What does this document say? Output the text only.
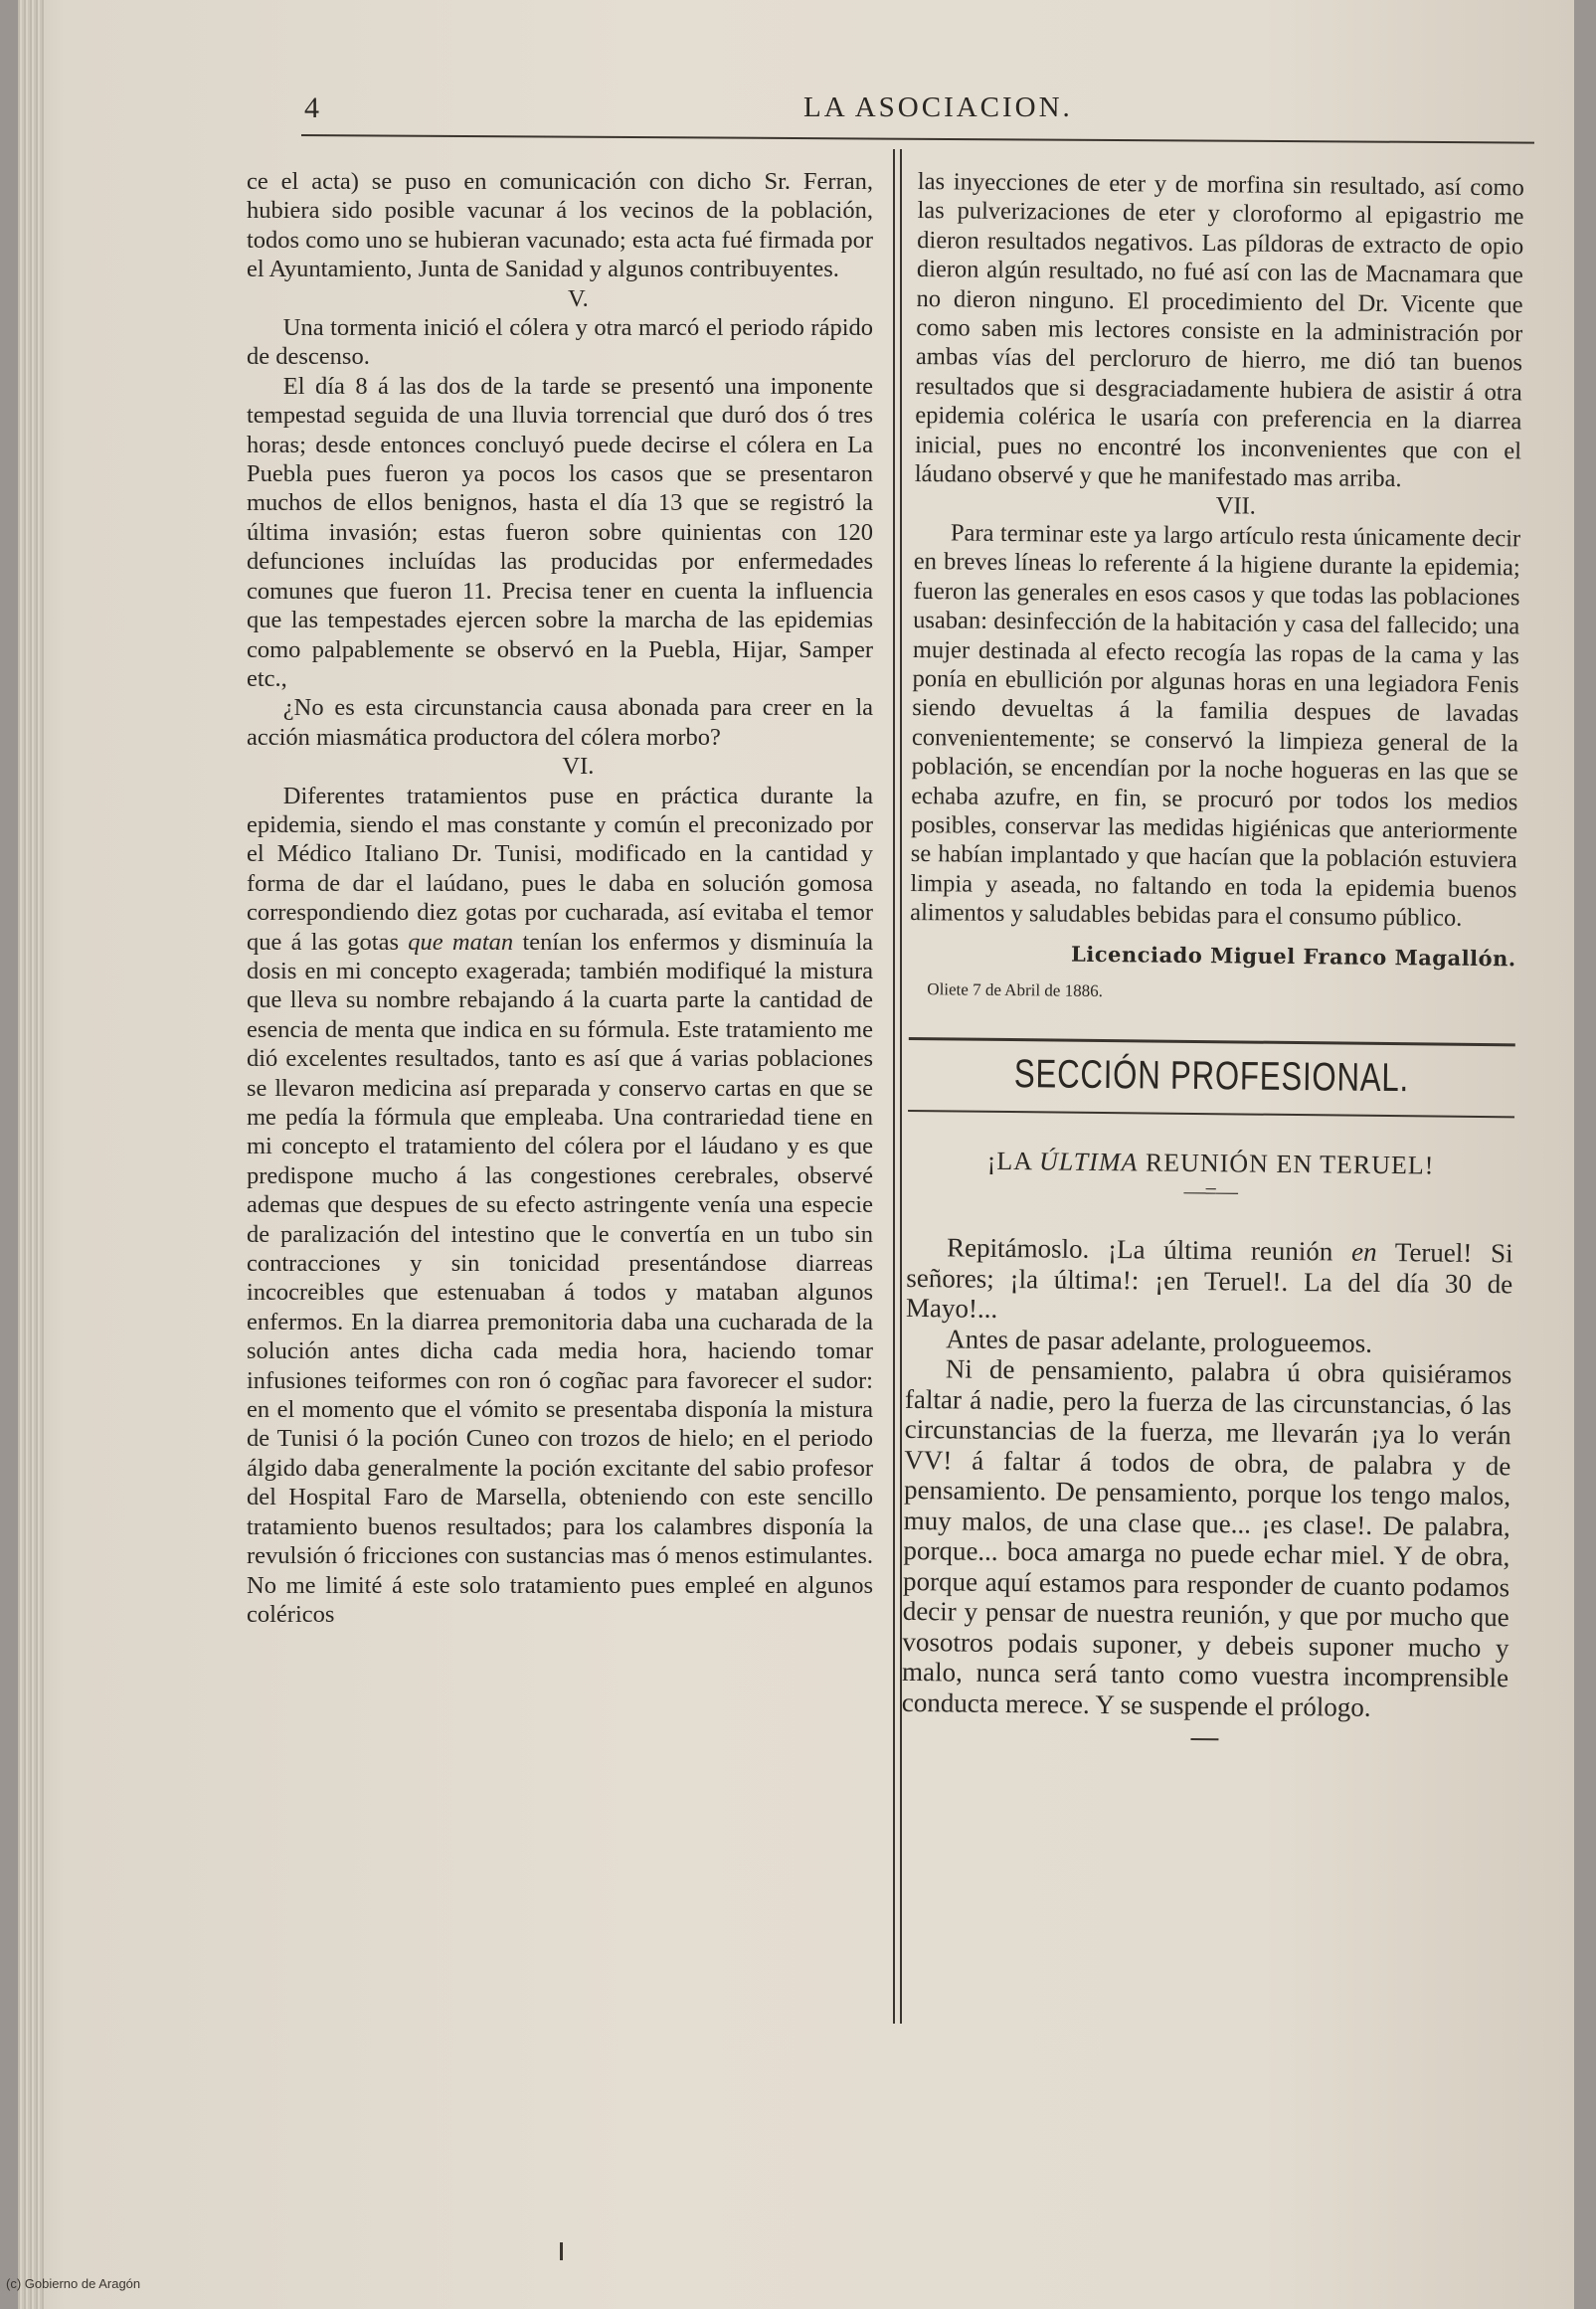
4	LA ASOCIACION.

ce el acta) se puso en comunicación con dicho Sr. Ferran, hubiera sido posible vacunar á los vecinos de la población, todos como uno se hubieran vacunado; esta acta fué firmada por el Ayuntamiento, Junta de Sanidad y algunos contribuyentes.

V.

Una tormenta inició el cólera y otra marcó el periodo rápido de descenso.

El día 8 á las dos de la tarde se presentó una imponente tempestad seguida de una lluvia torrencial que duró dos ó tres horas; desde entonces concluyó puede decirse el cólera en La Puebla pues fueron ya pocos los casos que se presentaron muchos de ellos benignos, hasta el día 13 que se registró la última invasión; estas fueron sobre quinientas con 120 defunciones incluídas las producidas por enfermedades comunes que fueron 11. Precisa tener en cuenta la influencia que las tempestades ejercen sobre la marcha de las epidemias como palpablemente se observó en la Puebla, Hijar, Samper etc.,

¿No es esta circunstancia causa abonada para creer en la acción miasmática productora del cólera morbo?

VI.

Diferentes tratamientos puse en práctica durante la epidemia, siendo el mas constante y común el preconizado por el Médico Italiano Dr. Tunisi, modificado en la cantidad y forma de dar el laúdano, pues le daba en solución gomosa correspondiendo diez gotas por cucharada, así evitaba el temor que á las gotas que matan tenían los enfermos y disminuía la dosis en mi concepto exagerada; también modifiqué la mistura que lleva su nombre rebajando á la cuarta parte la cantidad de esencia de menta que indica en su fórmula. Este tratamiento me dió excelentes resultados, tanto es así que á varias poblaciones se llevaron medicina así preparada y conservo cartas en que se me pedía la fórmula que empleaba. Una contrariedad tiene en mi concepto el tratamiento del cólera por el láudano y es que predispone mucho á las congestiones cerebrales, observé ademas que despues de su efecto astringente venía una especie de paralización del intestino que le convertía en un tubo sin contracciones y sin tonicidad presentándose diarreas incocreibles que estenuaban á todos y mataban algunos enfermos. En la diarrea premonitoria daba una cucharada de la solución antes dicha cada media hora, haciendo tomar infusiones teiformes con ron ó cogñac para favorecer el sudor: en el momento que el vómito se presentaba disponía la mistura de Tunisi ó la poción Cuneo con trozos de hielo; en el periodo álgido daba generalmente la poción excitante del sabio profesor del Hospital Faro de Marsella, obteniendo con este sencillo tratamiento buenos resultados; para los calambres disponía la revulsión ó fricciones con sustancias mas ó menos estimulantes. No me limité á este solo tratamiento pues empleé en algunos coléricos

las inyecciones de eter y de morfina sin resultado, así como las pulverizaciones de eter y cloroformo al epigastrio me dieron resultados negativos. Las píldoras de extracto de opio dieron algún resultado, no fué así con las de Macnamara que no dieron ninguno. El procedimiento del Dr. Vicente que como saben mis lectores consiste en la administración por ambas vías del percloruro de hierro, me dió tan buenos resultados que si desgraciadamente hubiera de asistir á otra epidemia colérica le usaría con preferencia en la diarrea inicial, pues no encontré los inconvenientes que con el láudano observé y que he manifestado mas arriba.

VII.

Para terminar este ya largo artículo resta únicamente decir en breves líneas lo referente á la higiene durante la epidemia; fueron las generales en esos casos y que todas las poblaciones usaban: desinfección de la habitación y casa del fallecido; una mujer destinada al efecto recogía las ropas de la cama y las ponía en ebullición por algunas horas en una legiadora Fenis siendo devueltas á la familia despues de lavadas convenientemente; se conservó la limpieza general de la población, se encendían por la noche hogueras en las que se echaba azufre, en fin, se procuró por todos los medios posibles, conservar las medidas higiénicas que anteriormente se habían implantado y que hacían que la población estuviera limpia y aseada, no faltando en toda la epidemia buenos alimentos y saludables bebidas para el consumo público.

Licenciado Miguel Franco Magallón.
Oliete 7 de Abril de 1886.
SECCIÓN PROFESIONAL.
¡LA ÚLTIMA REUNIÓN EN TERUEL!
—=—

Repitámoslo. ¡La última reunión en Teruel! Si señores; ¡la última!: ¡en Teruel!. La del día 30 de Mayo!...

Antes de pasar adelante, prologueemos.

Ni de pensamiento, palabra ú obra quisiéramos faltar á nadie, pero la fuerza de las circunstancias, ó las circunstancias de la fuerza, me llevarán ¡ya lo verán VV! á faltar á todos de obra, de palabra y de pensamiento. De pensamiento, porque los tengo malos, muy malos, de una clase que... ¡es clase!. De palabra, porque... boca amarga no puede echar miel. Y de obra, porque aquí estamos para responder de cuanto podamos decir y pensar de nuestra reunión, y que por mucho que vosotros podais suponer, y debeis suponer mucho y malo, nunca será tanto como vuestra incomprensible conducta merece. Y se suspende el prólogo.

(c) Gobierno de Aragón
